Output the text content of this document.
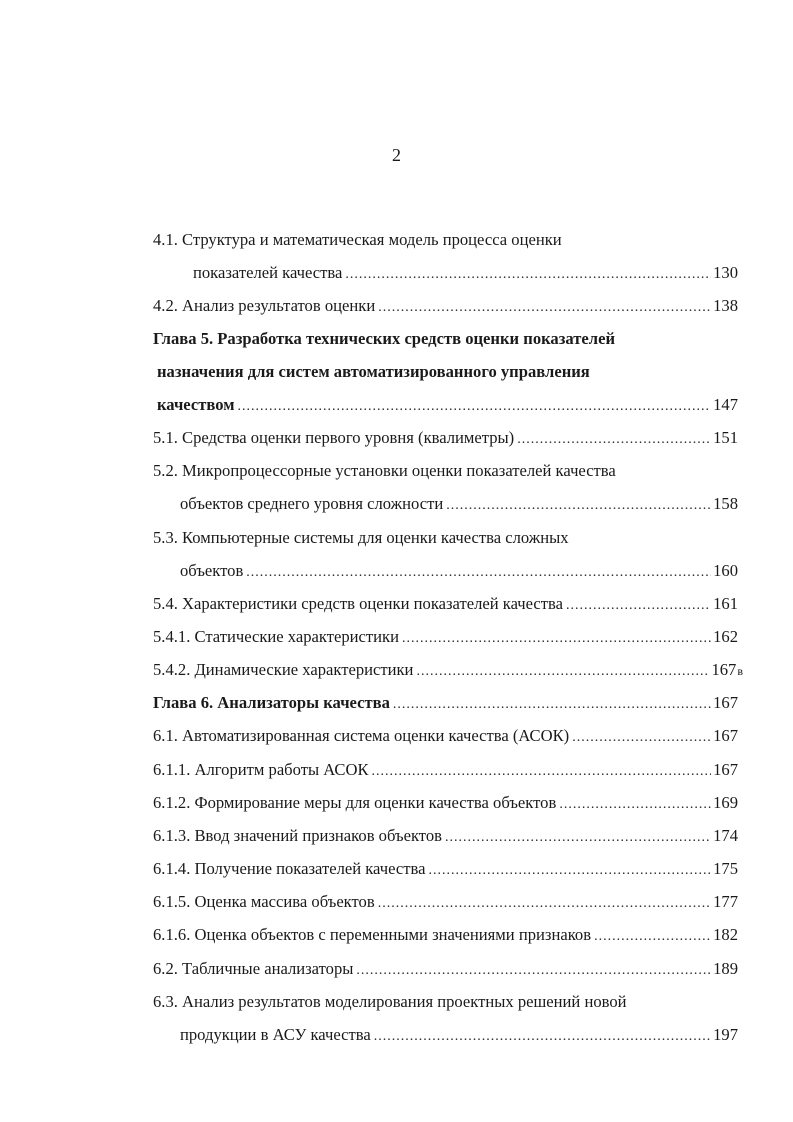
2
4.1. Структура и математическая модель процесса оценки
показателей качества .....	130
4.2. Анализ результатов оценки .....	138
Глава 5. Разработка технических средств оценки показателей
назначения для систем автоматизированного управления
качеством .....	147
5.1. Средства оценки первого уровня (квалиметры) .....	151
5.2. Микропроцессорные установки оценки показателей качества
объектов среднего уровня сложности .....	158
5.3. Компьютерные системы для оценки качества сложных
объектов .....	160
5.4. Характеристики средств оценки показателей качества .....	161
5.4.1. Статические характеристики .....	162
5.4.2. Динамические характеристики .....	167в
Глава 6. Анализаторы качества .....	167
6.1. Автоматизированная система оценки качества (АСОК) .....	167
6.1.1. Алгоритм работы АСОК .....	167
6.1.2. Формирование меры для оценки качества объектов .....	169
6.1.3. Ввод значений признаков объектов .....	174
6.1.4. Получение показателей качества .....	175
6.1.5. Оценка массива объектов .....	177
6.1.6. Оценка объектов с переменными значениями признаков .....	182
6.2. Табличные анализаторы .....	189
6.3. Анализ результатов моделирования проектных решений новой
продукции в АСУ качества .....	197
